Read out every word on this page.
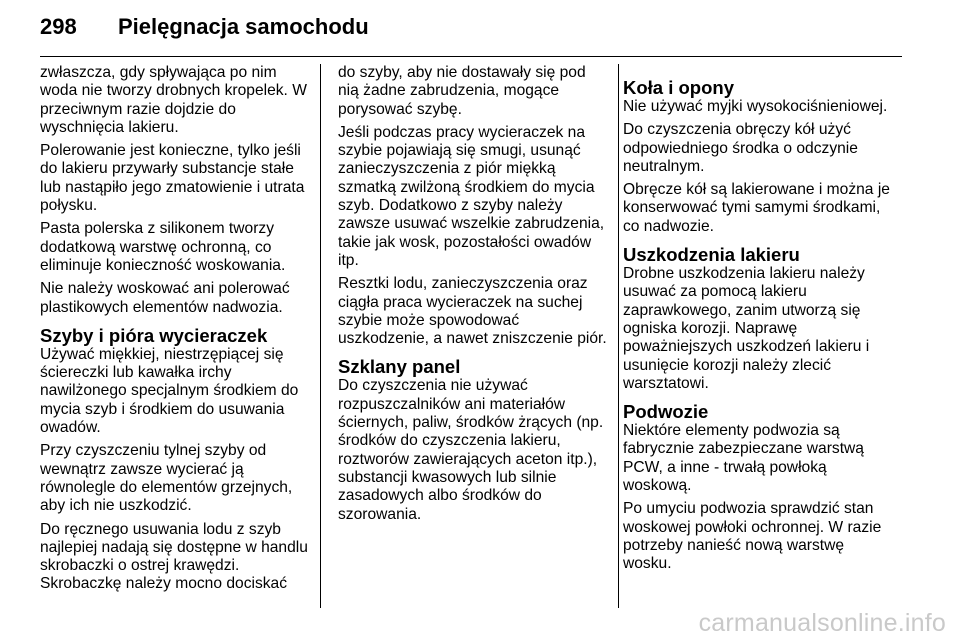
298	Pielęgnacja samochodu

zwłaszcza, gdy spływająca po nim woda nie tworzy drobnych kropelek. W przeciwnym razie dojdzie do wyschnięcia lakieru.

Polerowanie jest konieczne, tylko jeśli do lakieru przywarły substancje stałe lub nastąpiło jego zmatowienie i utrata połysku.

Pasta polerska z silikonem tworzy dodatkową warstwę ochronną, co eliminuje konieczność woskowania.

Nie należy woskować ani polerować plastikowych elementów nadwozia.

Szyby i pióra wycieraczek

Używać miękkiej, niestrzępiącej się ściereczki lub kawałka irchy nawilżonego specjalnym środkiem do mycia szyb i środkiem do usuwania owadów.

Przy czyszczeniu tylnej szyby od wewnątrz zawsze wycierać ją równolegle do elementów grzejnych, aby ich nie uszkodzić.

Do ręcznego usuwania lodu z szyb najlepiej nadają się dostępne w handlu skrobaczki o ostrej krawędzi. Skrobaczkę należy mocno dociskać

do szyby, aby nie dostawały się pod nią żadne zabrudzenia, mogące porysować szybę.

Jeśli podczas pracy wycieraczek na szybie pojawiają się smugi, usunąć zanieczyszczenia z piór miękką szmatką zwilżoną środkiem do mycia szyb. Dodatkowo z szyby należy zawsze usuwać wszelkie zabrudzenia, takie jak wosk, pozostałości owadów itp.

Resztki lodu, zanieczyszczenia oraz ciągła praca wycieraczek na suchej szybie może spowodować uszkodzenie, a nawet zniszczenie piór.

Szklany panel

Do czyszczenia nie używać rozpuszczalników ani materiałów ściernych, paliw, środków żrących (np. środków do czyszczenia lakieru, roztworów zawierających aceton itp.), substancji kwasowych lub silnie zasadowych albo środków do szorowania.

Koła i opony

Nie używać myjki wysokociśnieniowej.

Do czyszczenia obręczy kół użyć odpowiedniego środka o odczynie neutralnym.

Obręcze kół są lakierowane i można je konserwować tymi samymi środkami, co nadwozie.

Uszkodzenia lakieru

Drobne uszkodzenia lakieru należy usuwać za pomocą lakieru zaprawkowego, zanim utworzą się ogniska korozji. Naprawę poważniejszych uszkodzeń lakieru i usunięcie korozji należy zlecić warsztatowi.

Podwozie

Niektóre elementy podwozia są fabrycznie zabezpieczane warstwą PCW, a inne - trwałą powłoką woskową.

Po umyciu podwozia sprawdzić stan woskowej powłoki ochronnej. W razie potrzeby nanieść nową warstwę wosku.

carmanualsonline.info
